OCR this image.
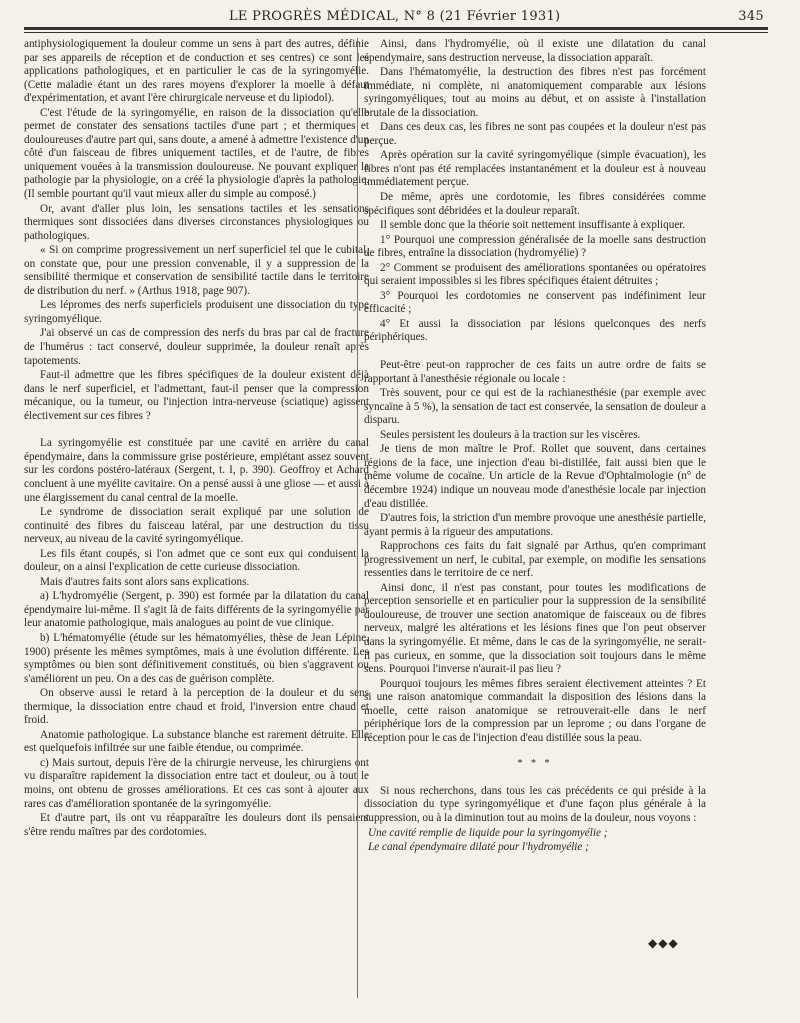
LE PROGRÈS MÉDICAL, N° 8 (21 Février 1931)	345

antiphysiologiquement la douleur comme un sens à part des autres, définie par ses appareils de réception et de conduction et ses centres) ce sont les applications pathologiques, et en particulier le cas de la syringomyélie. (Cette maladie étant un des rares moyens d'explorer la moelle à défaut d'expérimentation, et avant l'ère chirurgicale nerveuse et du lipiodol).

C'est l'étude de la syringomyélie, en raison de la dissociation qu'elle permet de constater des sensations tactiles d'une part ; et thermiques et douloureuses d'autre part qui, sans doute, a amené à admettre l'existence d'un côté d'un faisceau de fibres uniquement tactiles, et de l'autre, de fibres uniquement vouées à la transmission douloureuse. Ne pouvant expliquer la pathologie par la physiologie, on a créé la physiologie d'après la pathologie. (Il semble pourtant qu'il vaut mieux aller du simple au composé.)

Or, avant d'aller plus loin, les sensations tactiles et les sensations thermiques sont dissociées dans diverses circonstances physiologiques ou pathologiques.

« Si on comprime progressivement un nerf superficiel tel que le cubital, on constate que, pour une pression convenable, il y a suppression de la sensibilité thermique et conservation de sensibilité tactile dans le territoire de distribution du nerf. » (Arthus 1918, page 907).

Les lépromes des nerfs superficiels produisent une dissociation du type syringomyélique.

J'ai observé un cas de compression des nerfs du bras par cal de fracture de l'humérus : tact conservé, douleur supprimée, la douleur renaît après tapotements.

Faut-il admettre que les fibres spécifiques de la douleur existent déjà dans le nerf superficiel, et l'admettant, faut-il penser que la compression mécanique, ou la tumeur, ou l'injection intra-nerveuse (sciatique) agissent électivement sur ces fibres ?

La syringomyélie est constituée par une cavité en arrière du canal épendymaire, dans la commissure grise postérieure, empiétant assez souvent sur les cordons postéro-latéraux (Sergent, t. I, p. 390). Geoffroy et Achard concluent à une myélite cavitaire. On a pensé aussi à une gliose — et aussi à une élargissement du canal central de la moelle.

Le syndrome de dissociation serait expliqué par une solution de continuité des fibres du faisceau latéral, par une destruction du tissu nerveux, au niveau de la cavité syringomyélique.

Les fils étant coupés, si l'on admet que ce sont eux qui conduisent la douleur, on a ainsi l'explication de cette curieuse dissociation.

Mais d'autres faits sont alors sans explications.

a) L'hydromyélie (Sergent, p. 390) est formée par la dilatation du canal épendymaire lui-même. Il s'agit là de faits différents de la syringomyélie par leur anatomie pathologique, mais analogues au point de vue clinique.

b) L'hématomyélie (étude sur les hématomyélies, thèse de Jean Lépine, 1900) présente les mêmes symptômes, mais à une évolution différente. Les symptômes ou bien sont définitivement constitués, ou bien s'aggravent ou s'améliorent un peu. On a des cas de guérison complète.

On observe aussi le retard à la perception de la douleur et du sens thermique, la dissociation entre chaud et froid, l'inversion entre chaud et froid.

Anatomie pathologique. La substance blanche est rarement détruite. Elle est quelquefois infiltrée sur une faible étendue, ou comprimée.

c) Mais surtout, depuis l'ère de la chirurgie nerveuse, les chirurgiens ont vu disparaître rapidement la dissociation entre tact et douleur, ou à tout le moins, ont obtenu de grosses améliorations. Et ces cas sont à ajouter aux rares cas d'amélioration spontanée de la syringomyélie.

Et d'autre part, ils ont vu réapparaître les douleurs dont ils pensaient s'être rendu maîtres par des cordotomies.

Ainsi, dans l'hydromyélie, où il existe une dilatation du canal épendymaire, sans destruction nerveuse, la dissociation apparaît.

Dans l'hématomyélie, la destruction des fibres n'est pas forcément immédiate, ni complète, ni anatomiquement comparable aux lésions syringomyéliques, tout au moins au début, et on assiste à l'installation brutale de la dissociation.

Dans ces deux cas, les fibres ne sont pas coupées et la douleur n'est pas perçue.

Après opération sur la cavité syringomyélique (simple évacuation), les fibres n'ont pas été remplacées instantanément et la douleur est à nouveau immédiatement perçue.

De même, après une cordotomie, les fibres considérées comme spécifiques sont débridées et la douleur reparaît.

Il semble donc que la théorie soit nettement insuffisante à expliquer.

1° Pourquoi une compression généralisée de la moelle sans destruction de fibres, entraîne la dissociation (hydromyélie) ?

2° Comment se produisent des améliorations spontanées ou opératoires qui seraient impossibles si les fibres spécifiques étaient détruites ;

3° Pourquoi les cordotomies ne conservent pas indéfiniment leur efficacité ;

4° Et aussi la dissociation par lésions quelconques des nerfs périphériques.

Peut-être peut-on rapprocher de ces faits un autre ordre de faits se rapportant à l'anesthésie régionale ou locale :

Très souvent, pour ce qui est de la rachianesthésie (par exemple avec syncaïne à 5 %), la sensation de tact est conservée, la sensation de douleur a disparu.

Seules persistent les douleurs à la traction sur les viscères.

Je tiens de mon maître le Prof. Rollet que souvent, dans certaines régions de la face, une injection d'eau bi-distillée, fait aussi bien que le même volume de cocaïne. Un article de la Revue d'Ophtalmologie (n° de décembre 1924) indique un nouveau mode d'anesthésie locale par injection d'eau distillée.

D'autres fois, la striction d'un membre provoque une anesthésie partielle, ayant permis à la rigueur des amputations.

Rapprochons ces faits du fait signalé par Arthus, qu'en comprimant progressivement un nerf, le cubital, par exemple, on modifie les sensations ressenties dans le territoire de ce nerf.

Ainsi donc, il n'est pas constant, pour toutes les modifications de perception sensorielle et en particulier pour la suppression de la sensibilité douloureuse, de trouver une section anatomique de faisceaux ou de fibres nerveux, malgré les altérations et les lésions fines que l'on peut observer dans la syringomyélie. Et même, dans le cas de la syringomyélie, ne serait-il pas curieux, en somme, que la dissociation soit toujours dans le même sens. Pourquoi l'inverse n'aurait-il pas lieu ?

Pourquoi toujours les mêmes fibres seraient électivement atteintes ? Et si une raison anatomique commandait la disposition des lésions dans la moelle, cette raison anatomique se retrouverait-elle dans le nerf périphérique lors de la compression par un leprome ; ou dans l'organe de réception pour le cas de l'injection d'eau distillée sous la peau.

* * *

Si nous recherchons, dans tous les cas précédents ce qui préside à la dissociation du type syringomyélique et d'une façon plus générale à la suppression, ou à la diminution tout au moins de la douleur, nous voyons :

Une cavité remplie de liquide pour la syringomyélie ;

Le canal épendymaire dilaté pour l'hydromyélie ;

◆◆◆
